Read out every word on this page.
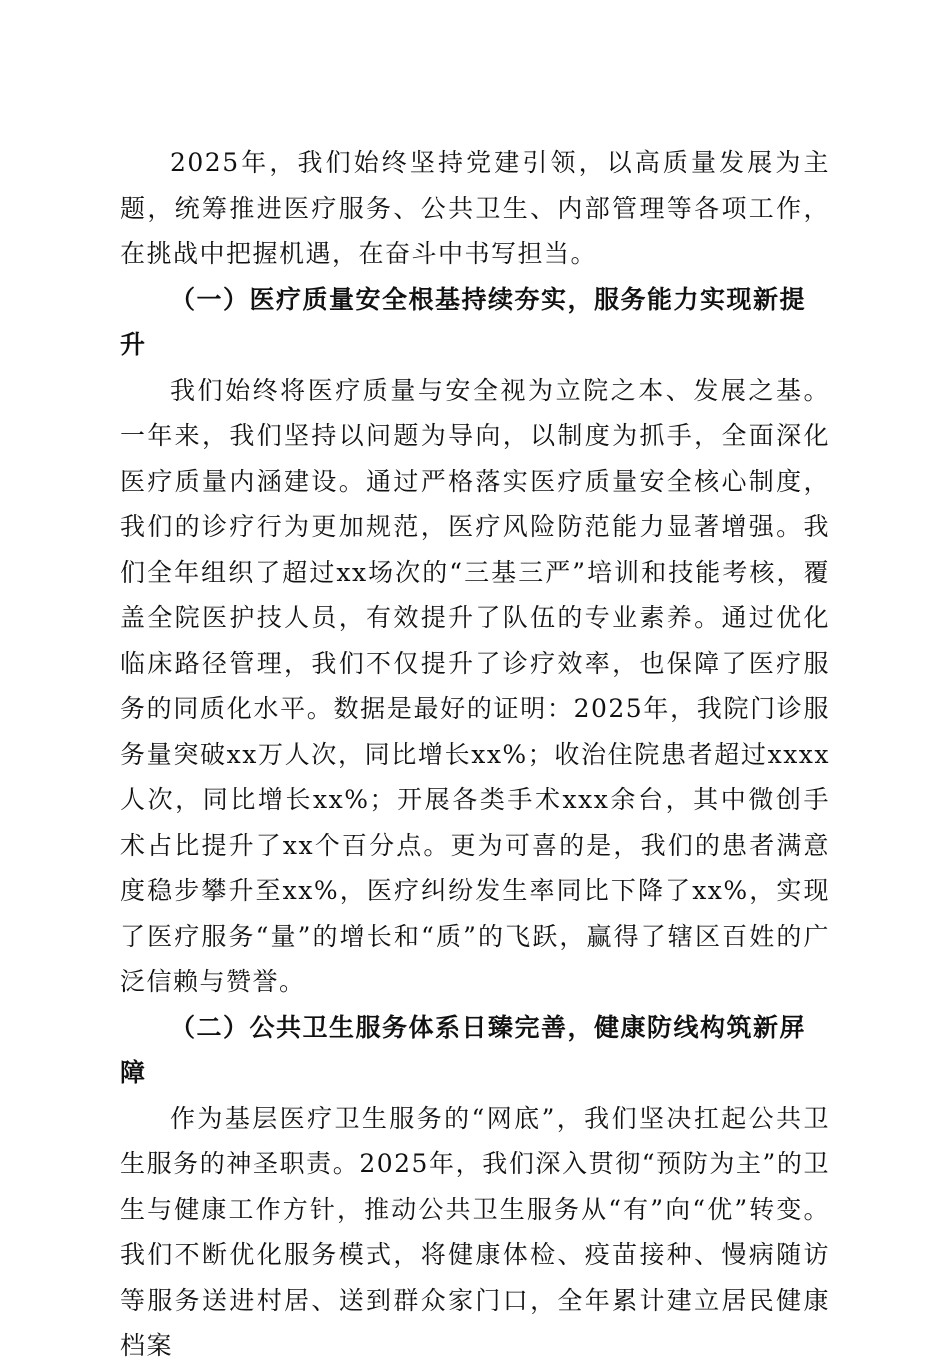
2025年，我们始终坚持党建引领，以高质量发展为主题，统筹推进医疗服务、公共卫生、内部管理等各项工作，在挑战中把握机遇，在奋斗中书写担当。

（一）医疗质量安全根基持续夯实，服务能力实现新提升

我们始终将医疗质量与安全视为立院之本、发展之基。一年来，我们坚持以问题为导向，以制度为抓手，全面深化医疗质量内涵建设。通过严格落实医疗质量安全核心制度，我们的诊疗行为更加规范，医疗风险防范能力显著增强。我们全年组织了超过xx场次的“三基三严”培训和技能考核，覆盖全院医护技人员，有效提升了队伍的专业素养。通过优化临床路径管理，我们不仅提升了诊疗效率，也保障了医疗服务的同质化水平。数据是最好的证明：2025年，我院门诊服务量突破xx万人次，同比增长xx%；收治住院患者超过xxxx人次，同比增长xx%；开展各类手术xxx余台，其中微创手术占比提升了xx个百分点。更为可喜的是，我们的患者满意度稳步攀升至xx%，医疗纠纷发生率同比下降了xx%，实现了医疗服务“量”的增长和“质”的飞跃，赢得了辖区百姓的广泛信赖与赞誉。

（二）公共卫生服务体系日臻完善，健康防线构筑新屏障

作为基层医疗卫生服务的“网底”，我们坚决扛起公共卫生服务的神圣职责。2025年，我们深入贯彻“预防为主”的卫生与健康工作方针，推动公共卫生服务从“有”向“优”转变。我们不断优化服务模式，将健康体检、疫苗接种、慢病随访等服务送进村居、送到群众家门口，全年累计建立居民健康档案
